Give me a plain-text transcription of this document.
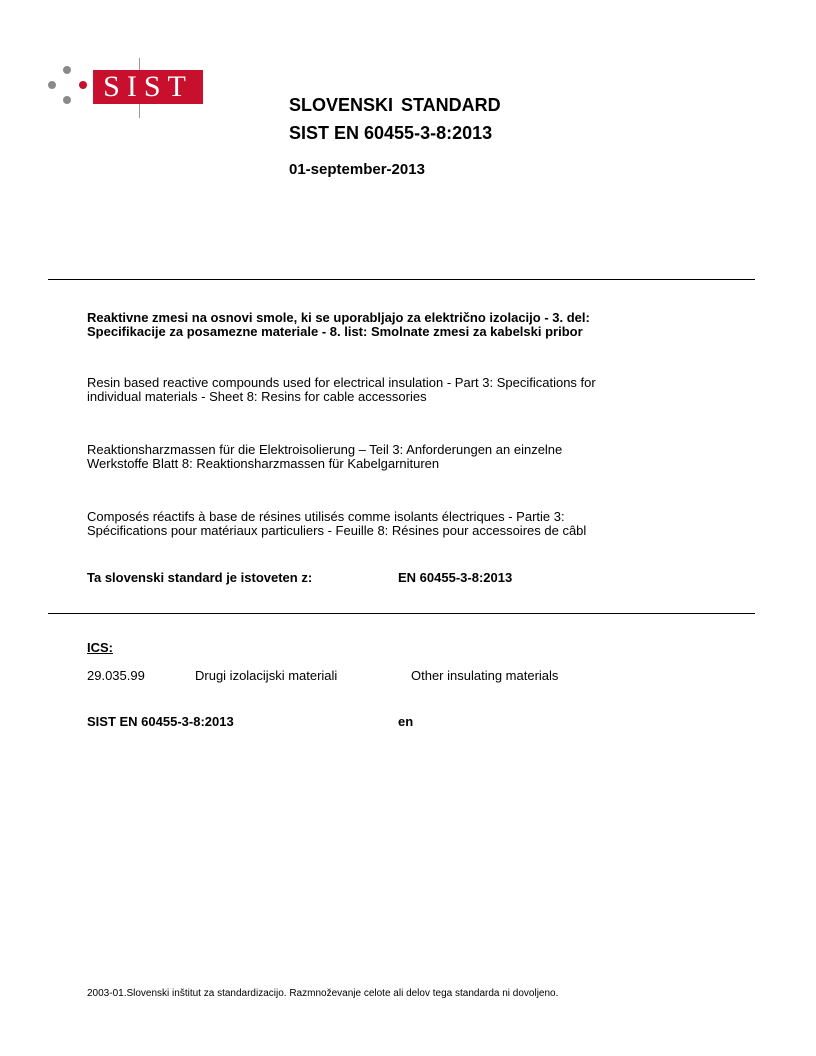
SIST
SLOVENSKI STANDARD
SIST EN 60455-3-8:2013
01-september-2013
Reaktivne zmesi na osnovi smole, ki se uporabljajo za električno izolacijo - 3. del:
Specifikacije za posamezne materiale - 8. list: Smolnate zmesi za kabelski pribor
Resin based reactive compounds used for electrical insulation - Part 3: Specifications for
individual materials - Sheet 8: Resins for cable accessories
Reaktionsharzmassen für die Elektroisolierung – Teil 3: Anforderungen an einzelne
Werkstoffe Blatt 8: Reaktionsharzmassen für Kabelgarnituren
Composés réactifs à base de résines utilisés comme isolants électriques - Partie 3:
Spécifications pour matériaux particuliers - Feuille 8: Résines pour accessoires de câbl
Ta slovenski standard je istoveten z:	EN 60455-3-8:2013
ICS:
29.035.99	Drugi izolacijski materiali	Other insulating materials
SIST EN 60455-3-8:2013	en
2003-01.Slovenski inštitut za standardizacijo. Razmnoževanje celote ali delov tega standarda ni dovoljeno.
